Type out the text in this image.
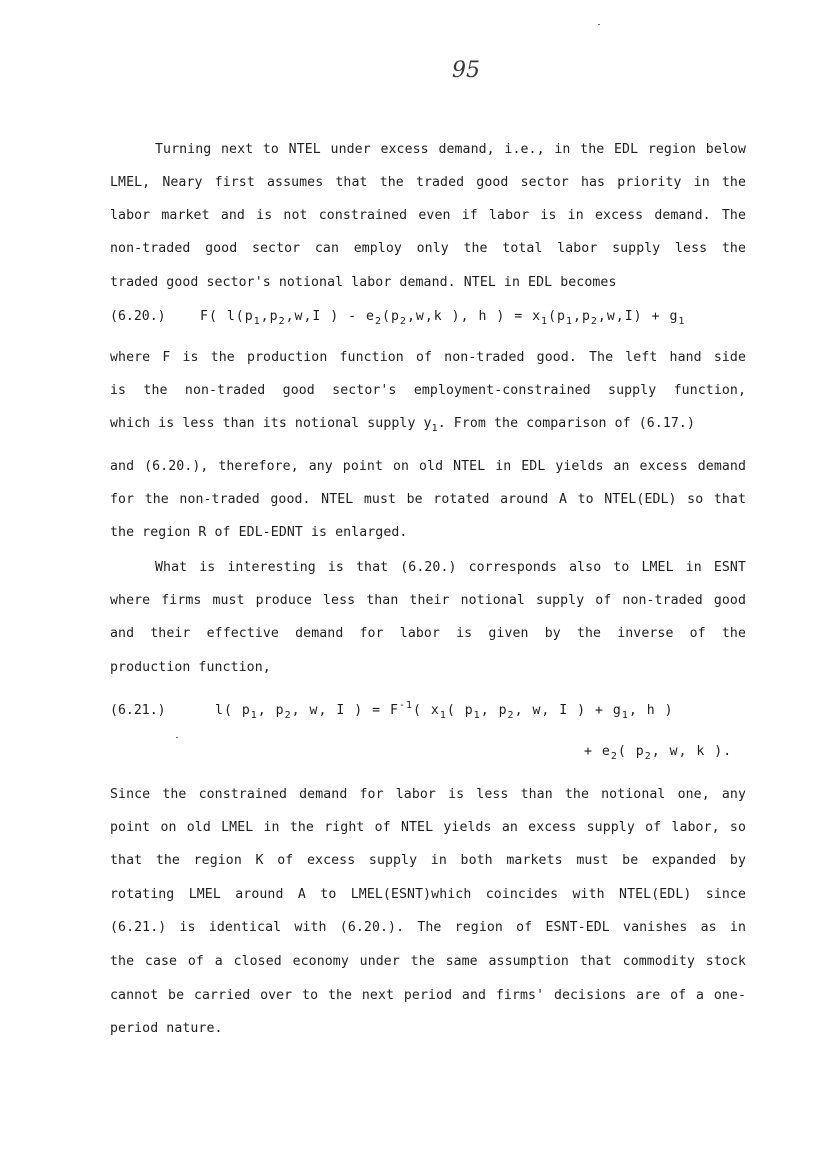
95
Turning next to NTEL under excess demand, i.e., in the EDL region below
LMEL, Neary first assumes that the traded good sector has priority in the
labor market and is not constrained even if labor is in excess demand. The
non-traded good sector can employ only the total labor supply less the
traded good sector's notional labor demand. NTEL in EDL becomes
(6.20.)	F( $l(p_1,p_2,w,I$ ) - $e_2(p_2,w,k$ ), h ) = $x_1(p_1,p_2,w,I) + g_1$
where F is the production function of non-traded good. The left hand side
is the non-traded good sector's employment-constrained supply function,
which is less than its notional supply $y_1$. From the comparison of (6.17.)
and (6.20.), therefore, any point on old NTEL in EDL yields an excess demand
for the non-traded good. NTEL must be rotated around A to NTEL(EDL) so that
the region R of EDL-EDNT is enlarged.
What is interesting is that (6.20.) corresponds also to LMEL in ESNT
where firms must produce less than their notional supply of non-traded good
and their effective demand for labor is given by the inverse of the
production function,
(6.21.)	l( $p_1$, $p_2$, w, I ) = $F^{-1}$( $x_1$( $p_1$, $p_2$, w, I ) + $g_1$, h )
+ $e_2$( $p_2$, w, k ).
Since the constrained demand for labor is less than the notional one, any
point on old LMEL in the right of NTEL yields an excess supply of labor, so
that the region K of excess supply in both markets must be expanded by
rotating LMEL around A to LMEL(ESNT)which coincides with NTEL(EDL) since
(6.21.) is identical with (6.20.). The region of ESNT-EDL vanishes as in
the case of a closed economy under the same assumption that commodity stock
cannot be carried over to the next period and firms' decisions are of a one-
period nature.
